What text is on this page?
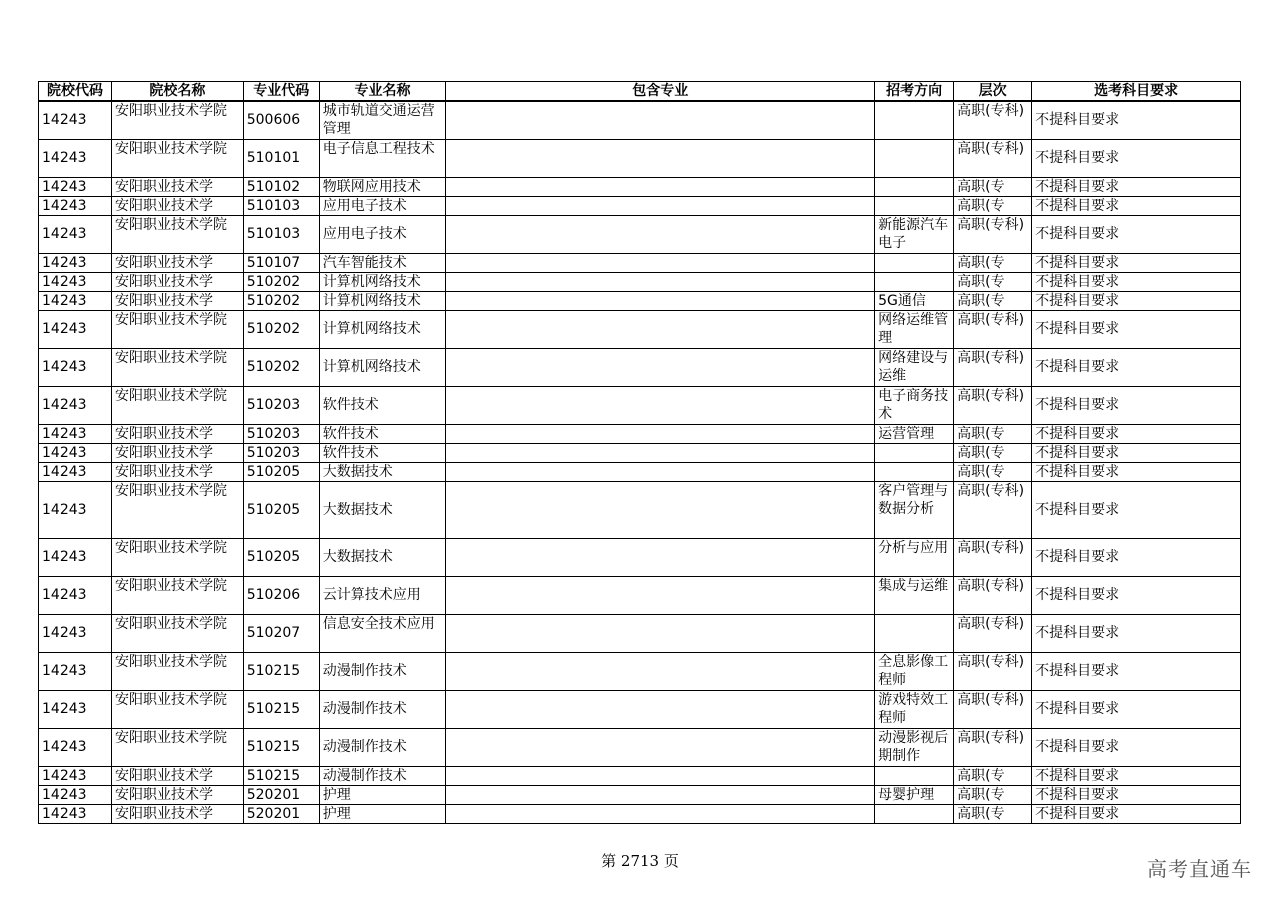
院校代码	院校名称	专业代码	专业名称	包含专业	招考方向	层次	选考科目要求
14243	安阳职业技术学院	500606	城市轨道交通运营管理			高职(专科)	不提科目要求
14243	安阳职业技术学院	510101	电子信息工程技术			高职(专科)	不提科目要求
14243	安阳职业技术学	510102	物联网应用技术			高职(专	不提科目要求
14243	安阳职业技术学	510103	应用电子技术			高职(专	不提科目要求
14243	安阳职业技术学院	510103	应用电子技术		新能源汽车电子	高职(专科)	不提科目要求
14243	安阳职业技术学	510107	汽车智能技术			高职(专	不提科目要求
14243	安阳职业技术学	510202	计算机网络技术			高职(专	不提科目要求
14243	安阳职业技术学	510202	计算机网络技术		5G通信	高职(专	不提科目要求
14243	安阳职业技术学院	510202	计算机网络技术		网络运维管理	高职(专科)	不提科目要求
14243	安阳职业技术学院	510202	计算机网络技术		网络建设与运维	高职(专科)	不提科目要求
14243	安阳职业技术学院	510203	软件技术		电子商务技术	高职(专科)	不提科目要求
14243	安阳职业技术学	510203	软件技术		运营管理	高职(专	不提科目要求
14243	安阳职业技术学	510203	软件技术			高职(专	不提科目要求
14243	安阳职业技术学	510205	大数据技术			高职(专	不提科目要求
14243	安阳职业技术学院	510205	大数据技术		客户管理与数据分析	高职(专科)	不提科目要求
14243	安阳职业技术学院	510205	大数据技术		分析与应用	高职(专科)	不提科目要求
14243	安阳职业技术学院	510206	云计算技术应用		集成与运维	高职(专科)	不提科目要求
14243	安阳职业技术学院	510207	信息安全技术应用			高职(专科)	不提科目要求
14243	安阳职业技术学院	510215	动漫制作技术		全息影像工程师	高职(专科)	不提科目要求
14243	安阳职业技术学院	510215	动漫制作技术		游戏特效工程师	高职(专科)	不提科目要求
14243	安阳职业技术学院	510215	动漫制作技术		动漫影视后期制作	高职(专科)	不提科目要求
14243	安阳职业技术学	510215	动漫制作技术			高职(专	不提科目要求
14243	安阳职业技术学	520201	护理		母婴护理	高职(专	不提科目要求
14243	安阳职业技术学	520201	护理			高职(专	不提科目要求
第 2713 页	高考直通车
